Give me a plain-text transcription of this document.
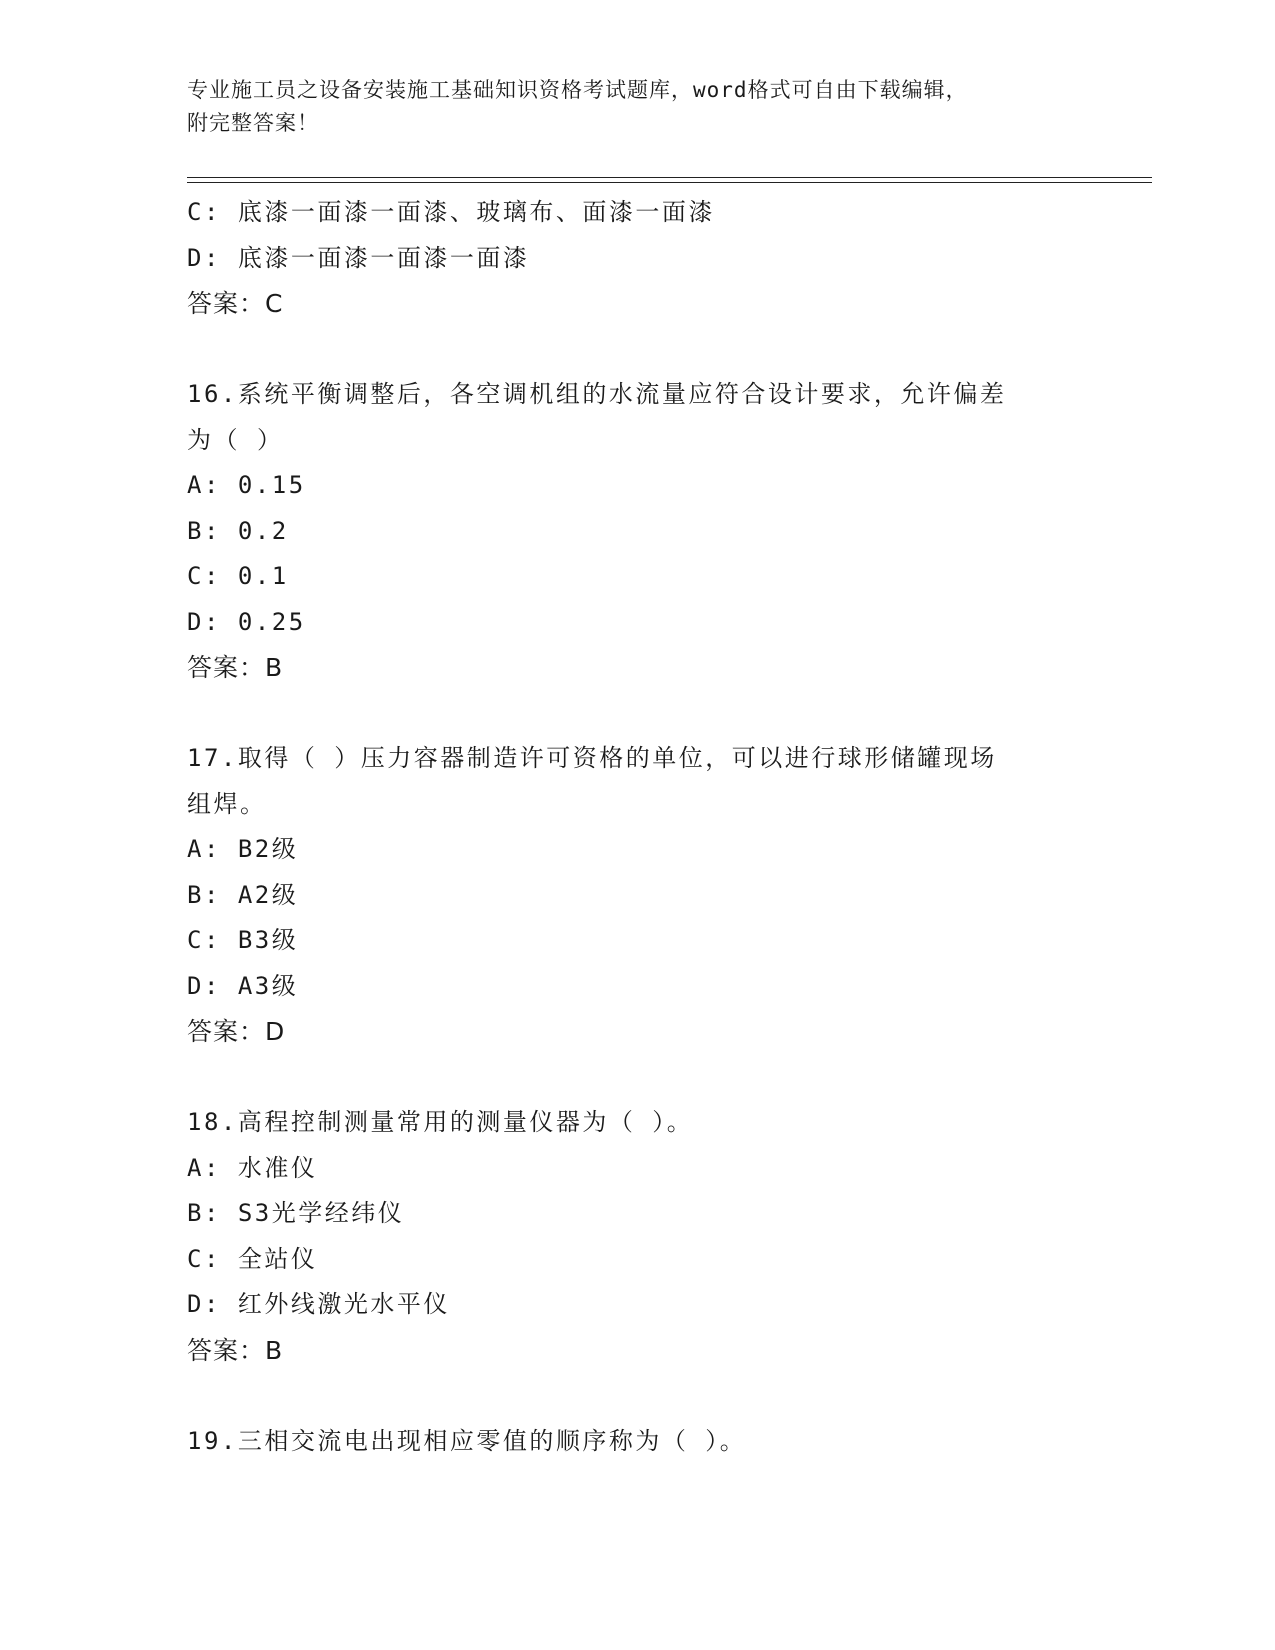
专业施工员之设备安装施工基础知识资格考试题库，word格式可自由下载编辑，
附完整答案！
C: 底漆一面漆一面漆、玻璃布、面漆一面漆
D: 底漆一面漆一面漆一面漆
答案：C
16.系统平衡调整后，各空调机组的水流量应符合设计要求，允许偏差
为（ ）
A: 0.15
B: 0.2
C: 0.1
D: 0.25
答案：B
17.取得（ ）压力容器制造许可资格的单位，可以进行球形储罐现场
组焊。
A: B2级
B: A2级
C: B3级
D: A3级
答案：D
18.高程控制测量常用的测量仪器为（ ）。
A: 水准仪
B: S3光学经纬仪
C: 全站仪
D: 红外线激光水平仪
答案：B
19.三相交流电出现相应零值的顺序称为（ ）。
